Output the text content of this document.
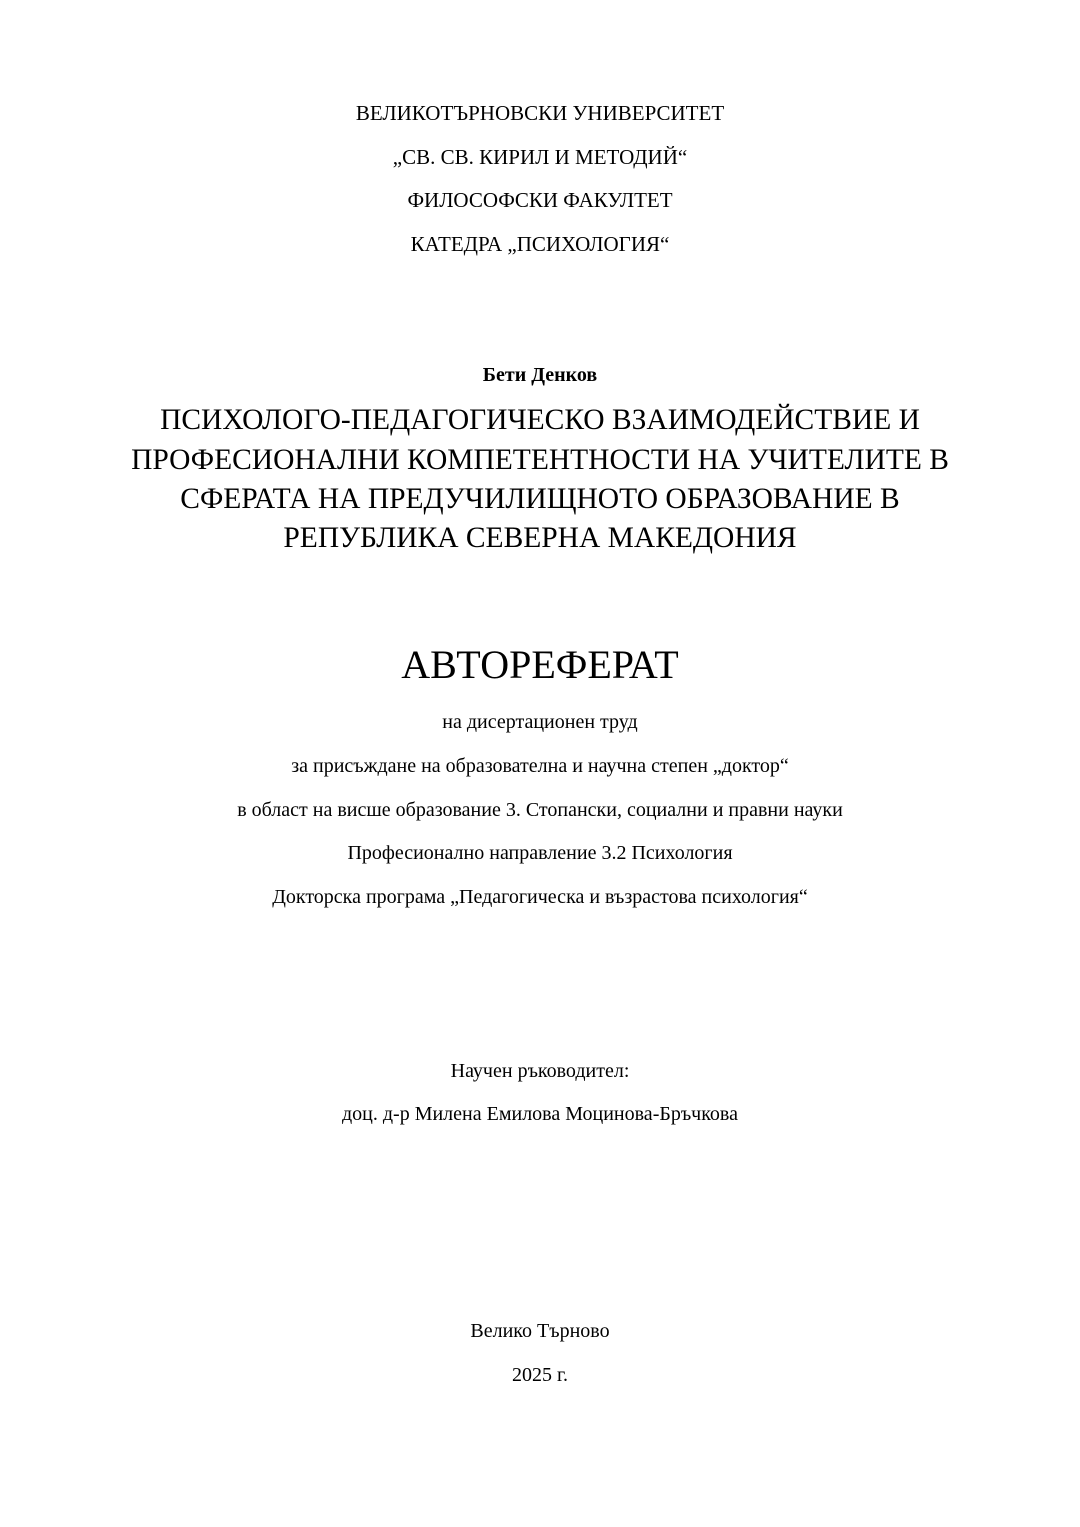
ВЕЛИКОТЪРНОВСКИ УНИВЕРСИТЕТ
„СВ. СВ. КИРИЛ И МЕТОДИЙ“
ФИЛОСОФСКИ ФАКУЛТЕТ
КАТЕДРА „ПСИХОЛОГИЯ“
Бети Денков
ПСИХОЛОГО-ПЕДАГОГИЧЕСКО ВЗАИМОДЕЙСТВИЕ И
ПРОФЕСИОНАЛНИ КОМПЕТЕНТНОСТИ НА УЧИТЕЛИТЕ В
СФЕРАТА НА ПРЕДУЧИЛИЩНОТО ОБРАЗОВАНИЕ В
РЕПУБЛИКА СЕВЕРНА МАКЕДОНИЯ
АВТОРЕФЕРАТ
на дисертационен труд
за присъждане на образователна и научна степен „доктор“
в област на висше образование 3. Стопански, социални и правни науки
Професионално направление 3.2 Психология
Докторска програма „Педагогическа и възрастова психология“
Научен ръководител:
доц. д-р Милена Емилова Моцинова-Бръчкова
Велико Търново
2025 г.
